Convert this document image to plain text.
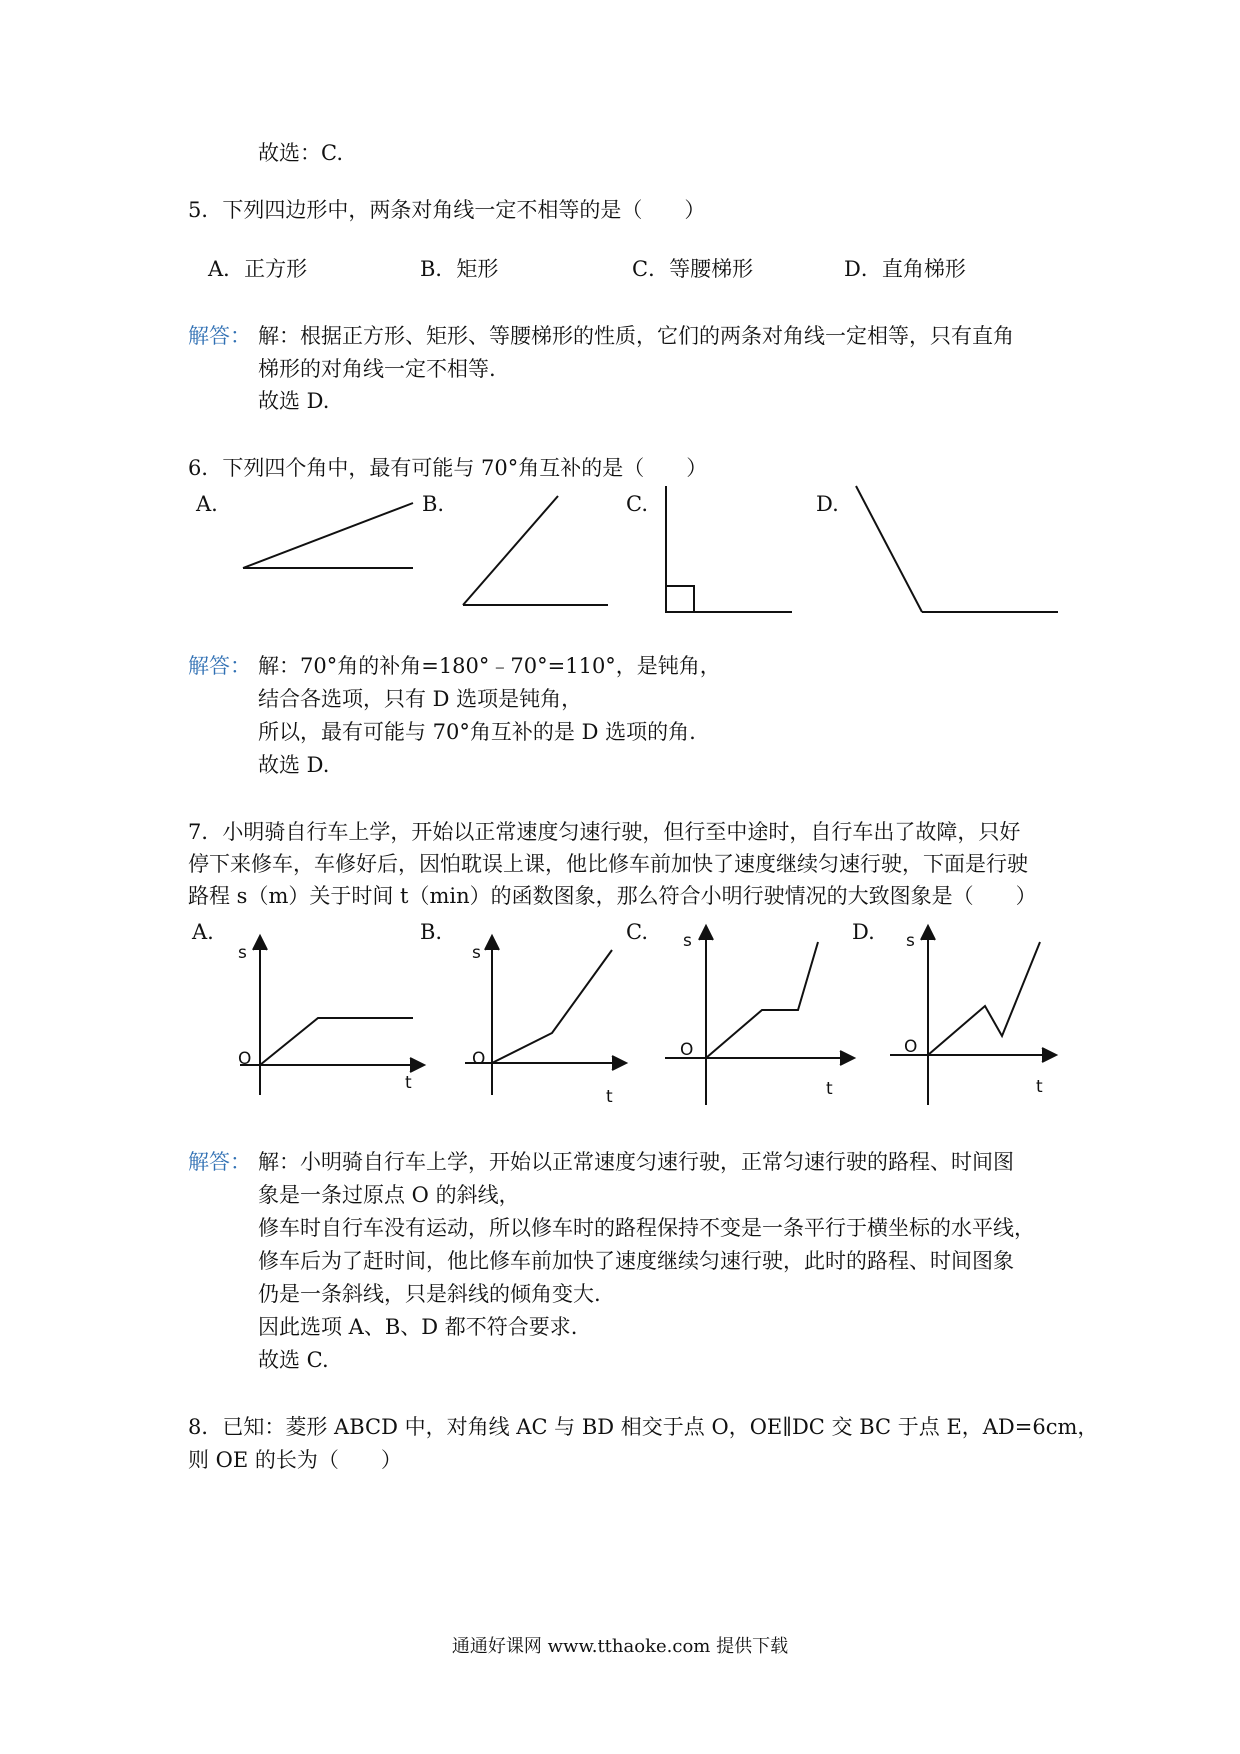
故选：C.
5．下列四边形中，两条对角线一定不相等的是（　　）
A．正方形	B．矩形	C．等腰梯形	D．直角梯形
解答： 解：根据正方形、矩形、等腰梯形的性质，它们的两条对角线一定相等，只有直角
梯形的对角线一定不相等.
故选 D.
6．下列四个角中，最有可能与 70°角互补的是（　　）
A.	B.	C.	D.
解答： 解：70°角的补角=180°﹣70°=110°，是钝角，
结合各选项，只有 D 选项是钝角，
所以，最有可能与 70°角互补的是 D 选项的角.
故选 D.
7．小明骑自行车上学，开始以正常速度匀速行驶，但行至中途时，自行车出了故障，只好
停下来修车，车修好后，因怕耽误上课，他比修车前加快了速度继续匀速行驶，下面是行驶
路程 s（m）关于时间 t（min）的函数图象，那么符合小明行驶情况的大致图象是（　　）
A.	B.	C.	D.
s
t
O
s
t
O
s
t
O
s
t
O
解答： 解：小明骑自行车上学，开始以正常速度匀速行驶，正常匀速行驶的路程、时间图
象是一条过原点 O 的斜线，
修车时自行车没有运动，所以修车时的路程保持不变是一条平行于横坐标的水平线，
修车后为了赶时间，他比修车前加快了速度继续匀速行驶，此时的路程、时间图象
仍是一条斜线，只是斜线的倾角变大.
因此选项 A、B、D 都不符合要求.
故选 C.
8．已知：菱形 ABCD 中，对角线 AC 与 BD 相交于点 O，OE∥DC 交 BC 于点 E，AD=6cm，
则 OE 的长为（　　）
通通好课网 www.tthaoke.com 提供下载
